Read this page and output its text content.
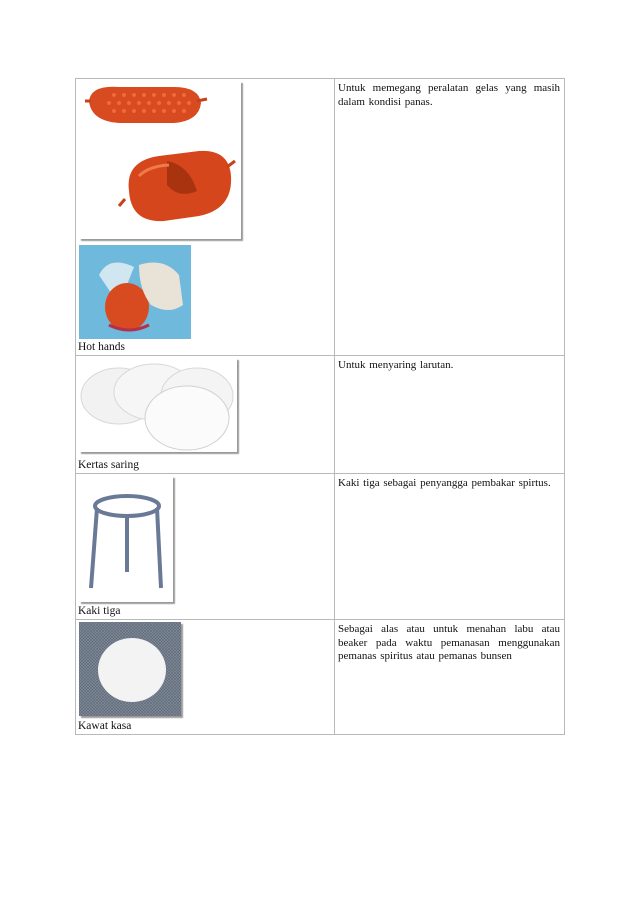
Hot hands	Untuk memegang peralatan gelas yang masih dalam kondisi panas.

Kertas saring	Untuk menyaring larutan.

Kaki tiga	Kaki tiga sebagai penyangga pembakar spirtus.

Kawat kasa	Sebagai alas atau untuk menahan labu atau beaker pada waktu pemanasan menggunakan pemanas spiritus atau pemanas bunsen
